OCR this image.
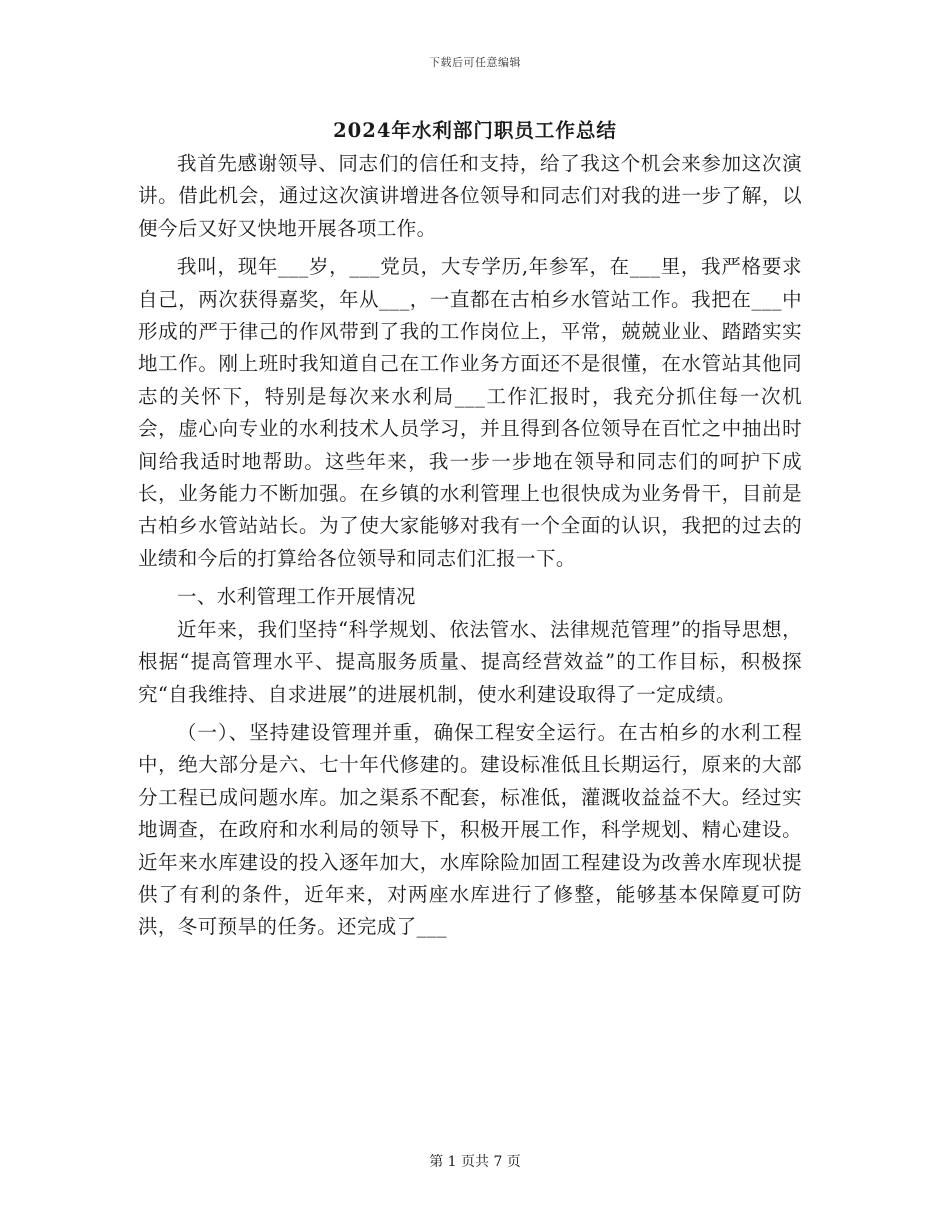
下载后可任意编辑
2024年水利部门职员工作总结

我首先感谢领导、同志们的信任和支持，给了我这个机会来参加这次演讲。借此机会，通过这次演讲增进各位领导和同志们对我的进一步了解，以便今后又好又快地开展各项工作。

我叫，现年___岁，___党员，大专学历,年参军，在___里，我严格要求自己，两次获得嘉奖，年从___，一直都在古柏乡水管站工作。我把在___中形成的严于律己的作风带到了我的工作岗位上，平常，兢兢业业、踏踏实实地工作。刚上班时我知道自己在工作业务方面还不是很懂，在水管站其他同志的关怀下，特别是每次来水利局___工作汇报时，我充分抓住每一次机会，虚心向专业的水利技术人员学习，并且得到各位领导在百忙之中抽出时间给我适时地帮助。这些年来，我一步一步地在领导和同志们的呵护下成长，业务能力不断加强。在乡镇的水利管理上也很快成为业务骨干，目前是古柏乡水管站站长。为了使大家能够对我有一个全面的认识，我把的过去的业绩和今后的打算给各位领导和同志们汇报一下。

一、水利管理工作开展情况

近年来，我们坚持“科学规划、依法管水、法律规范管理”的指导思想，根据“提高管理水平、提高服务质量、提高经营效益”的工作目标，积极探究“自我维持、自求进展”的进展机制，使水利建设取得了一定成绩。

（一）、坚持建设管理并重，确保工程安全运行。在古柏乡的水利工程中，绝大部分是六、七十年代修建的。建设标准低且长期运行，原来的大部分工程已成问题水库。加之渠系不配套，标准低，灌溉收益益不大。经过实地调查，在政府和水利局的领导下，积极开展工作，科学规划、精心建设。近年来水库建设的投入逐年加大，水库除险加固工程建设为改善水库现状提供了有利的条件，近年来，对两座水库进行了修整，能够基本保障夏可防洪，冬可预旱的任务。还完成了___

第 1 页共 7 页
